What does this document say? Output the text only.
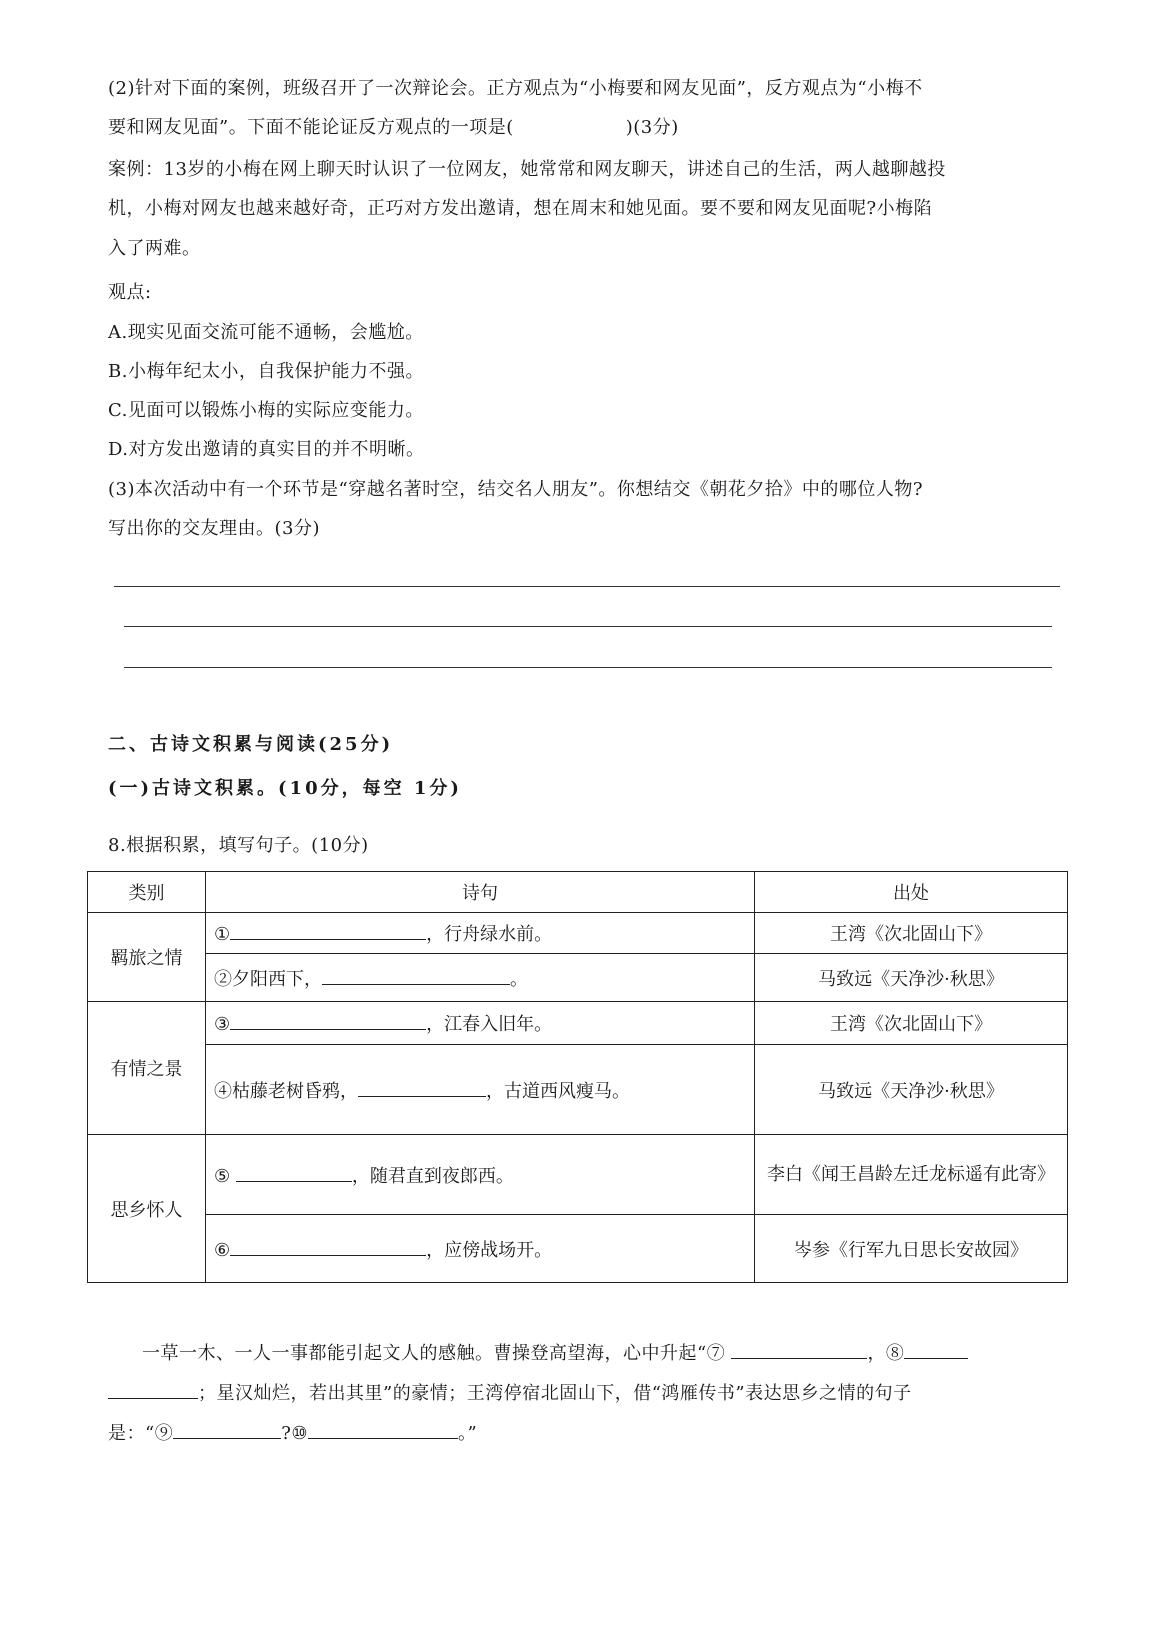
(2)针对下面的案例，班级召开了一次辩论会。正方观点为“小梅要和网友见面”，反方观点为“小梅不
要和网友见面”。下面不能论证反方观点的一项是(	)(3分)
案例：13岁的小梅在网上聊天时认识了一位网友，她常常和网友聊天，讲述自己的生活，两人越聊越投
机，小梅对网友也越来越好奇，正巧对方发出邀请，想在周末和她见面。要不要和网友见面呢?小梅陷
入了两难。
观点:
A.现实见面交流可能不通畅，会尴尬。
B.小梅年纪太小，自我保护能力不强。
C.见面可以锻炼小梅的实际应变能力。
D.对方发出邀请的真实目的并不明晰。
(3)本次活动中有一个环节是“穿越名著时空，结交名人朋友”。你想结交《朝花夕拾》中的哪位人物?
写出你的交友理由。(3分)
二、古诗文积累与阅读(25分)
(一)古诗文积累。(10分，每空 1分)
8.根据积累，填写句子。(10分)
类别	诗句	出处
羁旅之情	① ，行舟绿水前。	王湾《次北固山下》
	②夕阳西下， 。	马致远《天净沙·秋思》
有情之景	③ ，江春入旧年。	王湾《次北固山下》
	④枯藤老树昏鸦， ，古道西风瘦马。	马致远《天净沙·秋思》
思乡怀人	⑤ ，随君直到夜郎西。	李白《闻王昌龄左迁龙标遥有此寄》
	⑥ ，应傍战场开。	岑参《行军九日思长安故园》
一草一木、一人一事都能引起文人的感触。曹操登高望海，心中升起“⑦	，⑧
；星汉灿烂，若出其里”的豪情；王湾停宿北固山下，借“鸿雁传书”表达思乡之情的句子
是：“⑨	?⑩	。”
